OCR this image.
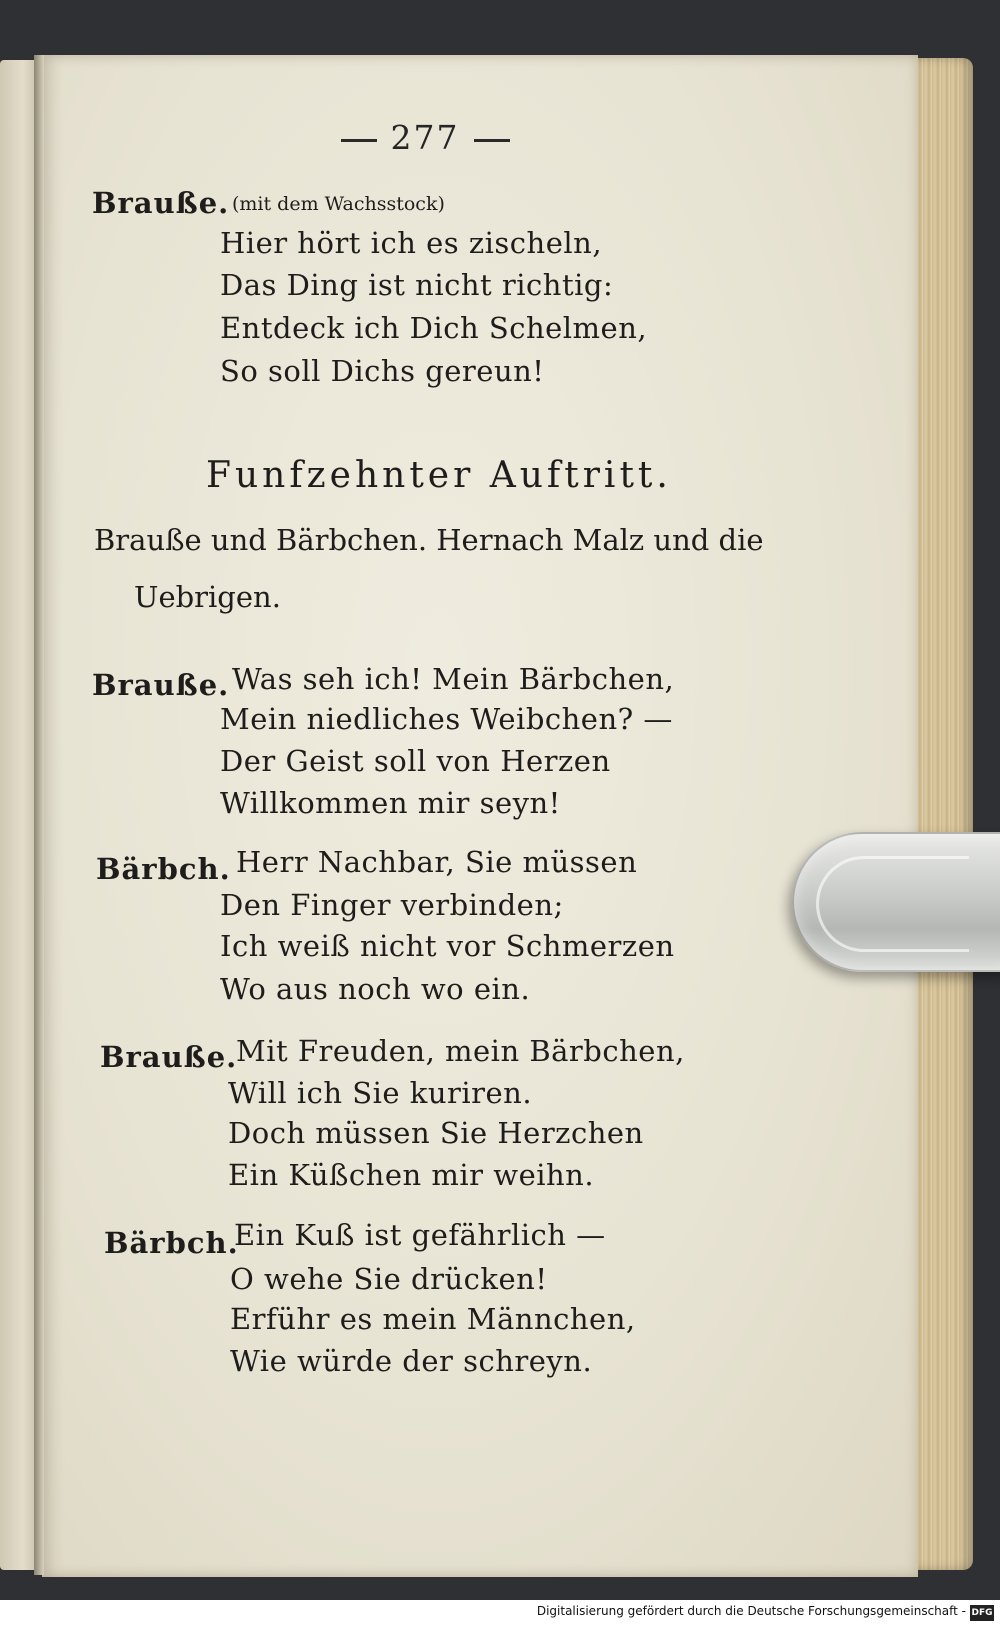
277
Brauße. (mit dem Wachsstock)
Hier hört ich es zischeln,
Das Ding ist nicht richtig:
Entdeck ich Dich Schelmen,
So soll Dichs gereun!
Funfzehnter Auftritt.
Brauße und Bärbchen. Hernach Malz und die
Uebrigen.
Brauße. Was seh ich! Mein Bärbchen,
Mein niedliches Weibchen? —
Der Geist soll von Herzen
Willkommen mir seyn!
Bärbch. Herr Nachbar, Sie müssen
Den Finger verbinden;
Ich weiß nicht vor Schmerzen
Wo aus noch wo ein.
Brauße.
Mit Freuden, mein Bärbchen,
Will ich Sie kuriren.
Doch müssen Sie Herzchen
Ein Küßchen mir weihn.
Bärbch.
Ein Kuß ist gefährlich —
O wehe Sie drücken!
Erführ es mein Männchen,
Wie würde der schreyn.
Digitalisierung gefördert durch die Deutsche Forschungsgemeinschaft - DFG
